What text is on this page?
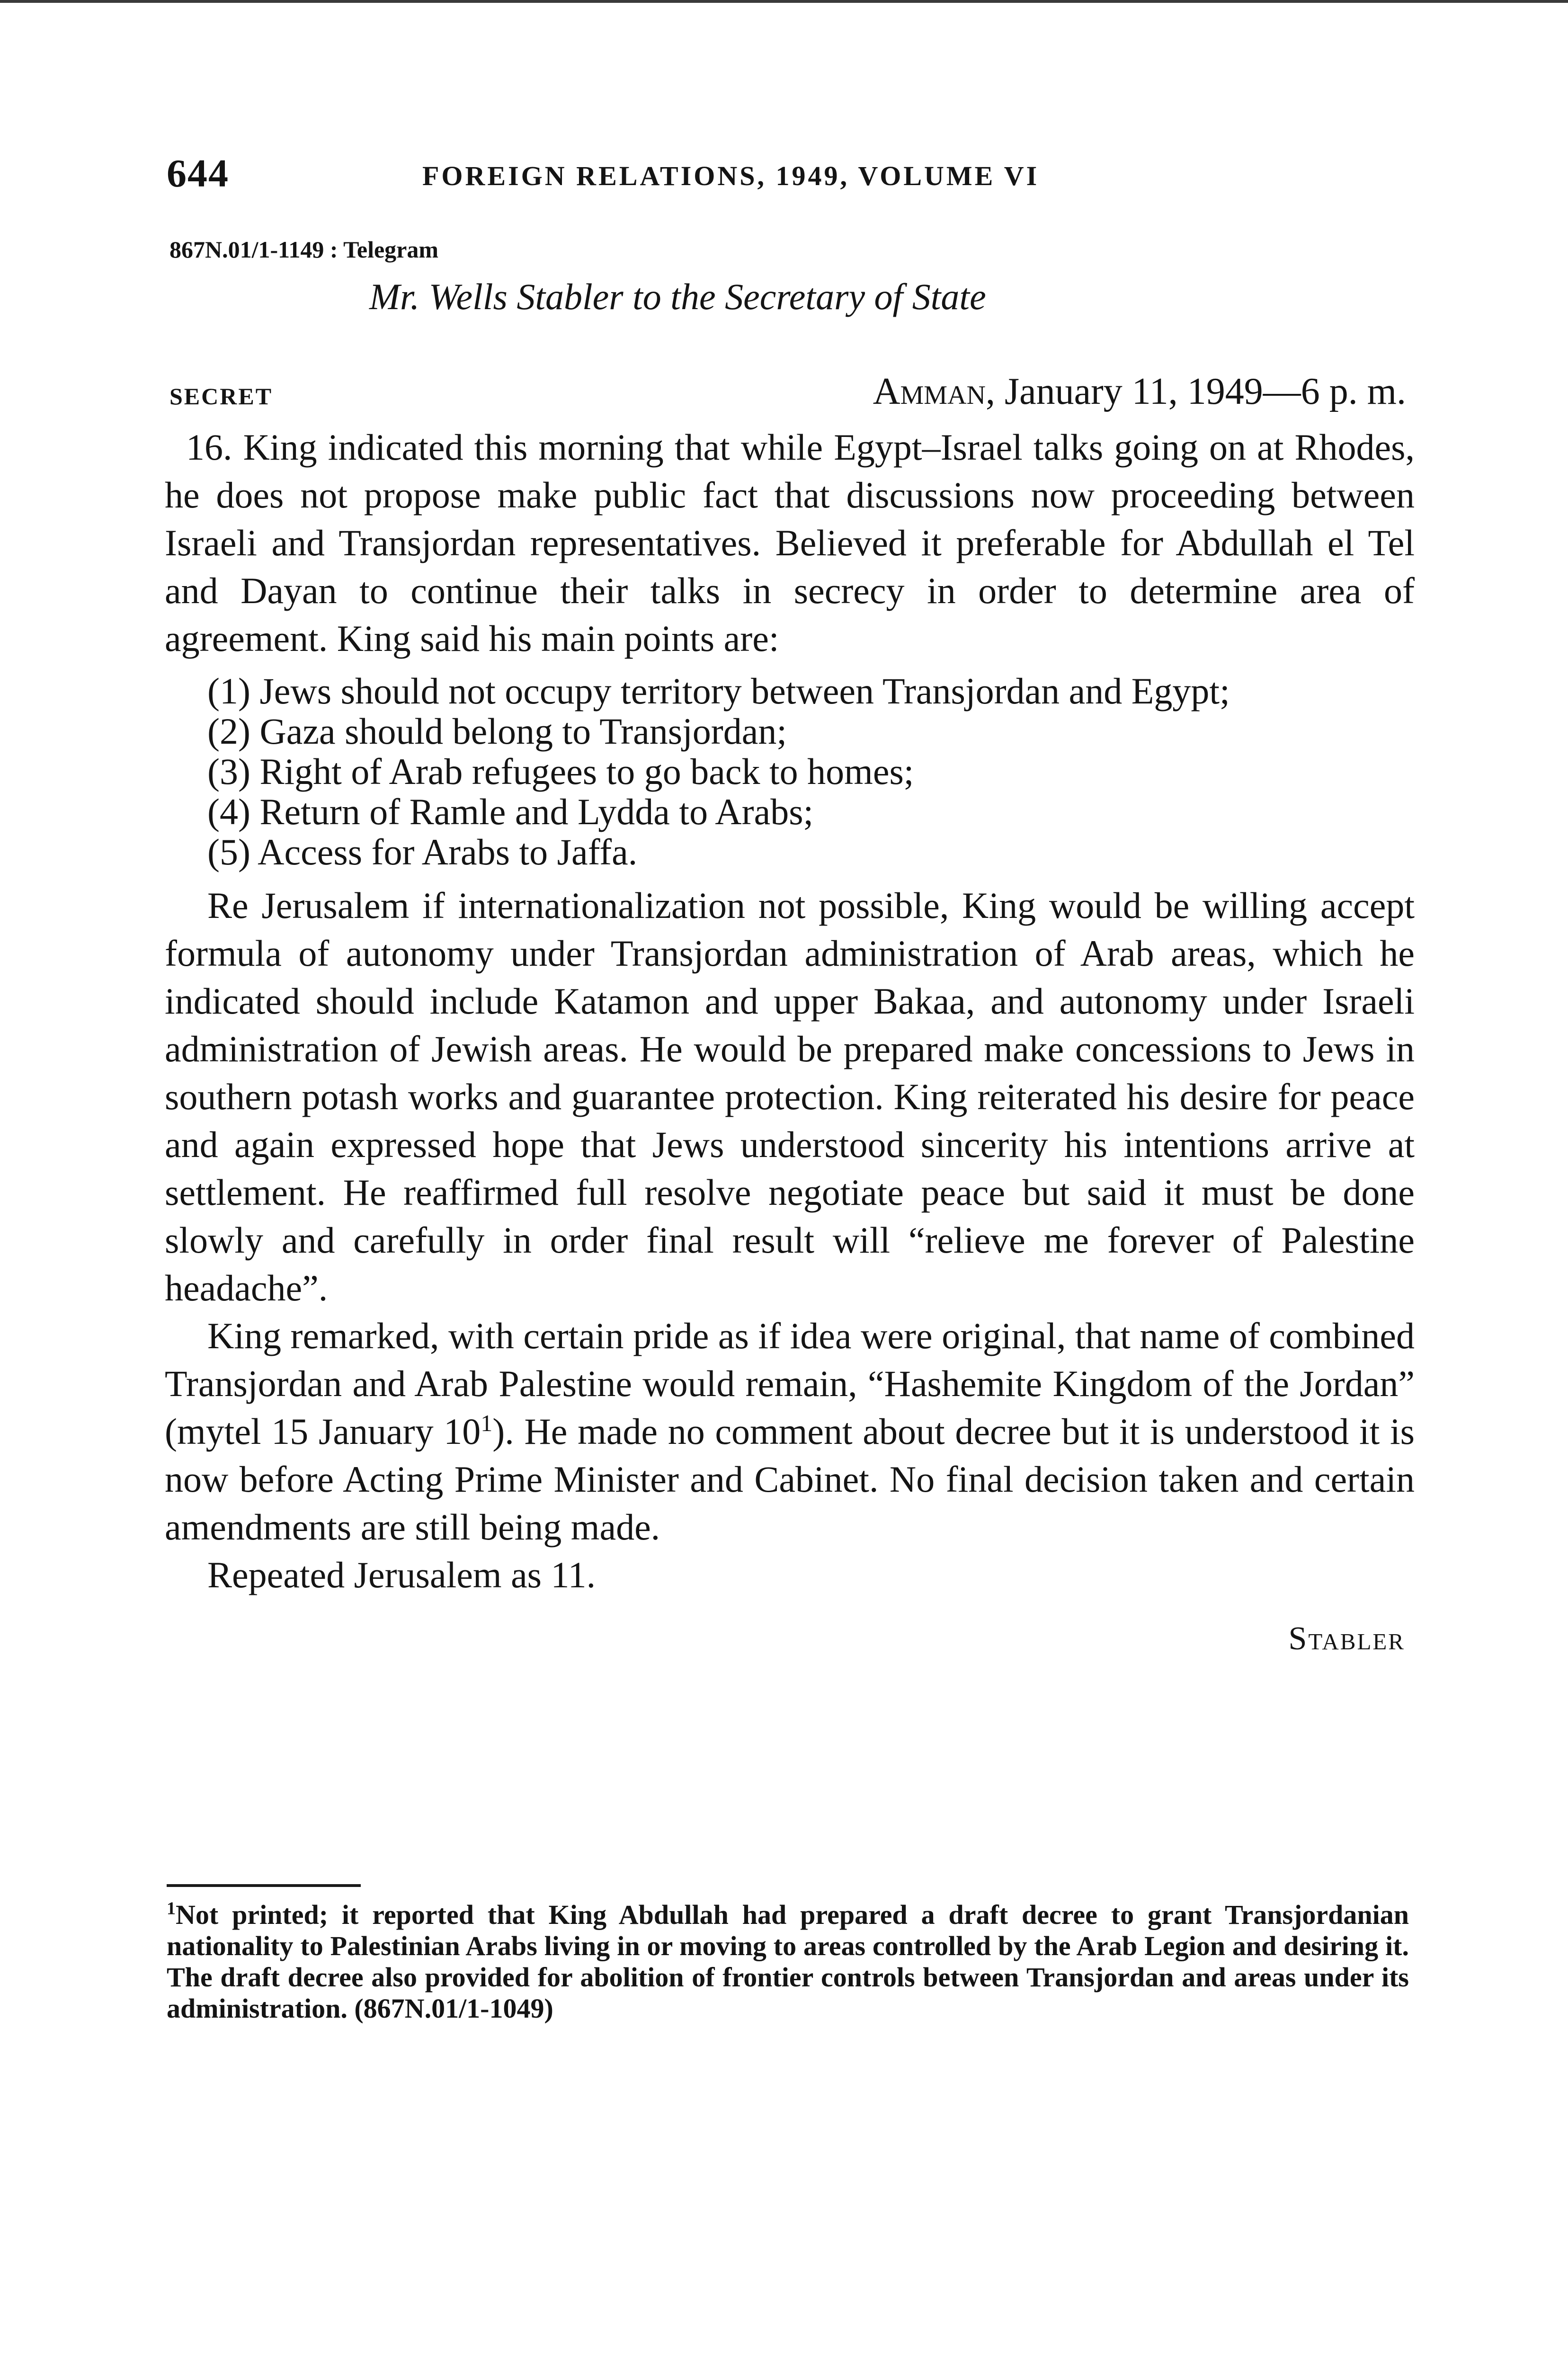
644	FOREIGN RELATIONS, 1949, VOLUME VI
867N.01/1-1149 : Telegram
Mr. Wells Stabler to the Secretary of State
SECRET	Amman, January 11, 1949—6 p. m.

16. King indicated this morning that while Egypt–Israel talks going on at Rhodes, he does not propose make public fact that discussions now proceeding between Israeli and Transjordan representatives. Believed it preferable for Abdullah el Tel and Dayan to continue their talks in secrecy in order to determine area of agreement. King said his main points are:

(1) Jews should not occupy territory between Transjordan and Egypt;
(2) Gaza should belong to Transjordan;
(3) Right of Arab refugees to go back to homes;
(4) Return of Ramle and Lydda to Arabs;
(5) Access for Arabs to Jaffa.

Re Jerusalem if internationalization not possible, King would be willing accept formula of autonomy under Transjordan administration of Arab areas, which he indicated should include Katamon and upper Bakaa, and autonomy under Israeli administration of Jewish areas. He would be prepared make concessions to Jews in southern potash works and guarantee protection. King reiterated his desire for peace and again expressed hope that Jews understood sincerity his intentions arrive at settlement. He reaffirmed full resolve negotiate peace but said it must be done slowly and carefully in order final result will “relieve me forever of Palestine headache”.

King remarked, with certain pride as if idea were original, that name of combined Transjordan and Arab Palestine would remain, “Hashemite Kingdom of the Jordan” (mytel 15 January $10^1$). He made no comment about decree but it is understood it is now before Acting Prime Minister and Cabinet. No final decision taken and certain amendments are still being made.

Repeated Jerusalem as 11.

Stabler
$^1$Not printed; it reported that King Abdullah had prepared a draft decree to grant Transjordanian nationality to Palestinian Arabs living in or moving to areas controlled by the Arab Legion and desiring it. The draft decree also provided for abolition of frontier controls between Transjordan and areas under its administration. (867N.01/1-1049)
